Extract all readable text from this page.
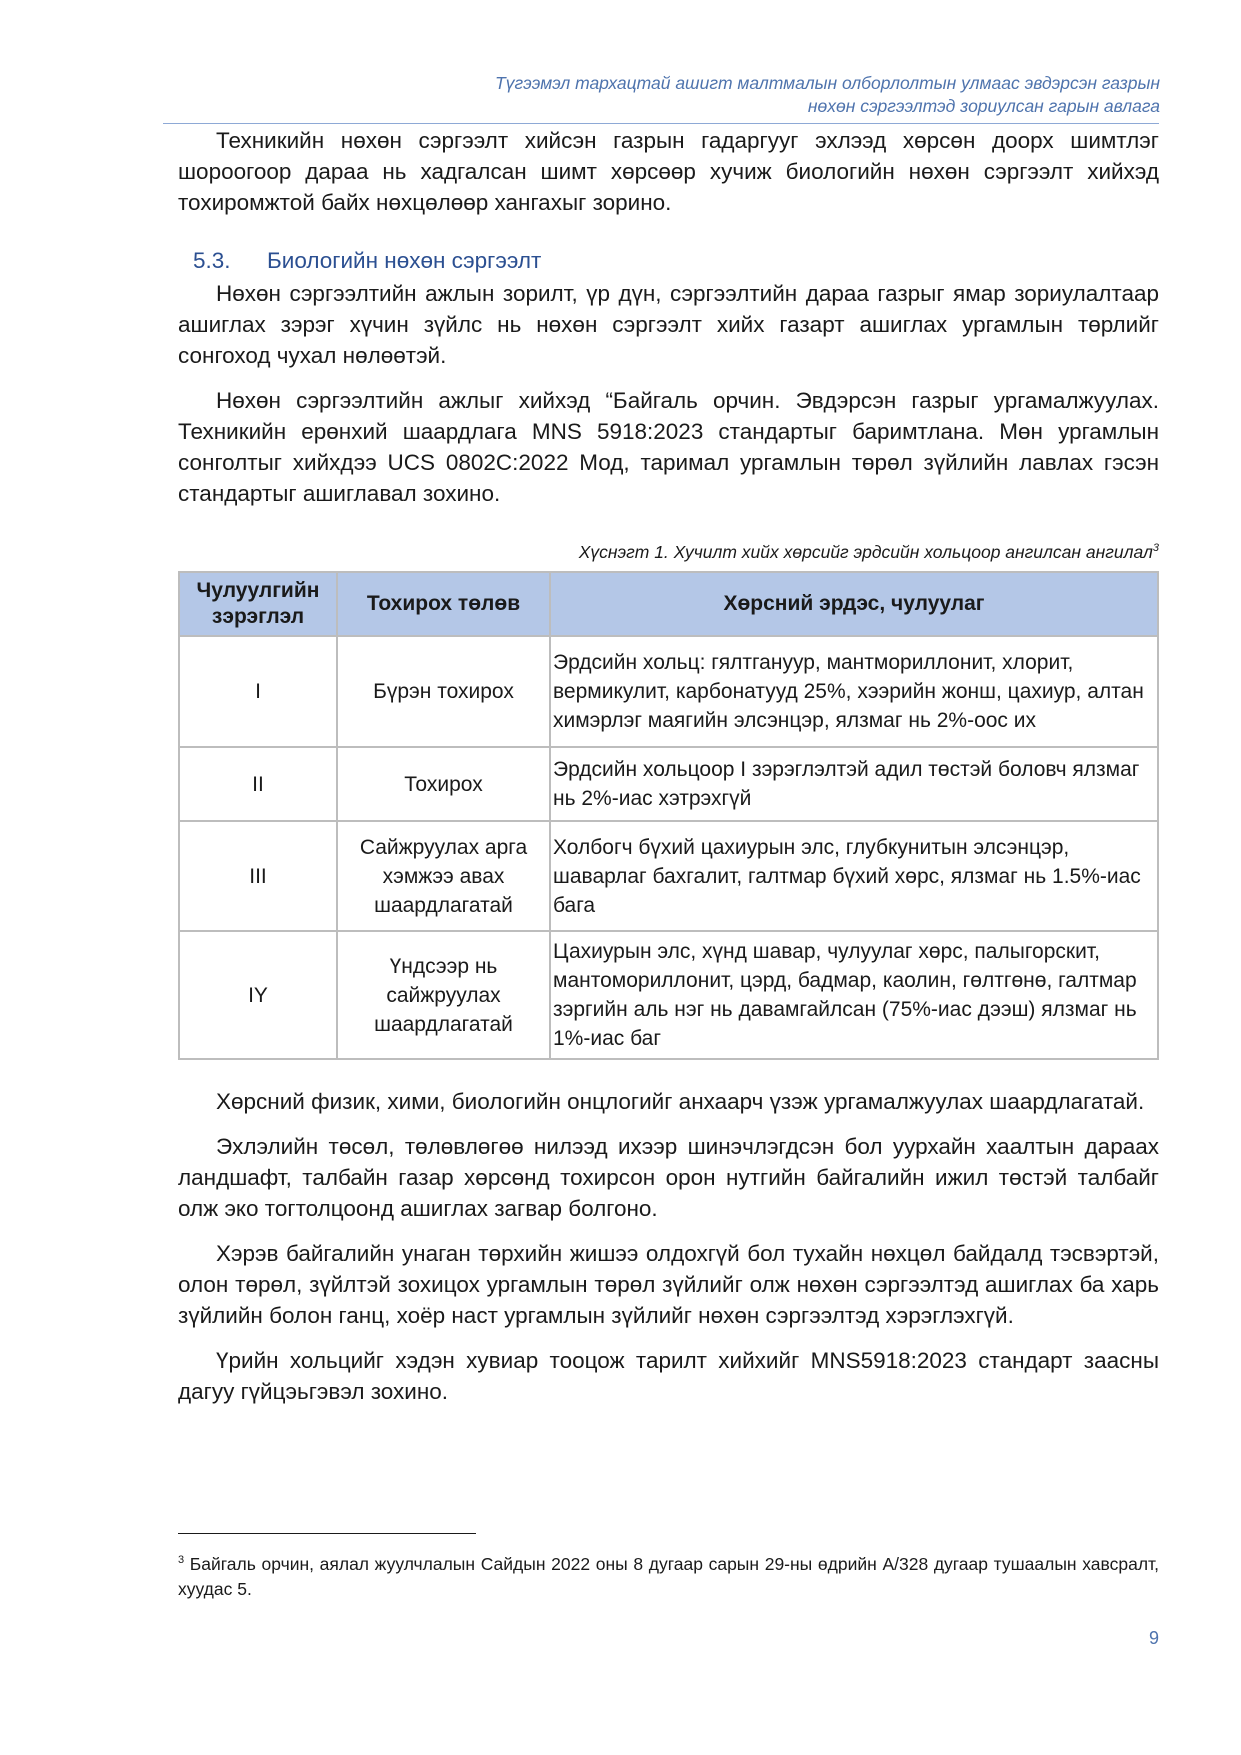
Түгээмэл тархацтай ашигт малтмалын олборлолтын улмаас эвдэрсэн газрын
нөхөн сэргээлтэд зориулсан гарын авлага

Техникийн нөхөн сэргээлт хийсэн газрын гадаргууг эхлээд хөрсөн доорх шимтлэг шороогоор дараа нь хадгалсан шимт хөрсөөр хучиж биологийн нөхөн сэргээлт хийхэд тохиромжтой байх нөхцөлөөр хангахыг зорино.

5.3. Биологийн нөхөн сэргээлт

Нөхөн сэргээлтийн ажлын зорилт, үр дүн, сэргээлтийн дараа газрыг ямар зориулалтаар ашиглах зэрэг хүчин зүйлс нь нөхөн сэргээлт хийх газарт ашиглах ургамлын төрлийг сонгоход чухал нөлөөтэй.

Нөхөн сэргээлтийн ажлыг хийхэд “Байгаль орчин. Эвдэрсэн газрыг ургамалжуулах. Техникийн ерөнхий шаардлага MNS 5918:2023 стандартыг баримтлана. Мөн ургамлын сонголтыг хийхдээ UCS 0802C:2022 Мод, таримал ургамлын төрөл зүйлийн лавлах гэсэн стандартыг ашиглавал зохино.

Хүснэгт 1. Хучилт хийх хөрсийг эрдсийн хольцоор ангилсан ангилал$^3$
Чулуулгийн зэрэглэл	Тохирох төлөв	Хөрсний эрдэс, чулуулаг
I	Бүрэн тохирох	Эрдсийн хольц: гялтгануур, мантмориллонит, хлорит, вермикулит, карбонатууд 25%, хээрийн жонш, цахиур, алтан химэрлэг маягийн элсэнцэр, ялзмаг нь 2%-оос их
II	Тохирох	Эрдсийн хольцоор I зэрэглэлтэй адил төстэй боловч ялзмаг нь 2%-иас хэтрэхгүй
III	Сайжруулах арга хэмжээ авах шаардлагатай	Холбогч бүхий цахиурын элс, глубкунитын элсэнцэр, шаварлаг бахгалит, галтмар бүхий хөрс, ялзмаг нь 1.5%-иас бага
IY	Үндсээр нь сайжруулах шаардлагатай	Цахиурын элс, хүнд шавар, чулуулаг хөрс, палыгорскит, мантомориллонит, цэрд, бадмар, каолин, гөлтгөнө, галтмар зэргийн аль нэг нь давамгайлсан (75%-иас дээш) ялзмаг нь 1%-иас баг

Хөрсний физик, хими, биологийн онцлогийг анхаарч үзэж ургамалжуулах шаардлагатай.

Эхлэлийн төсөл, төлөвлөгөө нилээд ихээр шинэчлэгдсэн бол уурхайн хаалтын дараах ландшафт, талбайн газар хөрсөнд тохирсон орон нутгийн байгалийн ижил төстэй талбайг олж эко тогтолцоонд ашиглах загвар болгоно.

Хэрэв байгалийн унаган төрхийн жишээ олдохгүй бол тухайн нөхцөл байдалд тэсвэртэй, олон төрөл, зүйлтэй зохицох ургамлын төрөл зүйлийг олж нөхөн сэргээлтэд ашиглах ба харь зүйлийн болон ганц, хоёр наст ургамлын зүйлийг нөхөн сэргээлтэд хэрэглэхгүй.

Үрийн хольцийг хэдэн хувиар тооцож тарилт хийхийг MNS5918:2023 стандарт заасны дагуу гүйцэьгэвэл зохино.

$^3$ Байгаль орчин, аялал жуулчлалын Сайдын 2022 оны 8 дугаар сарын 29-ны өдрийн А/328 дугаар тушаалын хавсралт, хуудас 5.
9
